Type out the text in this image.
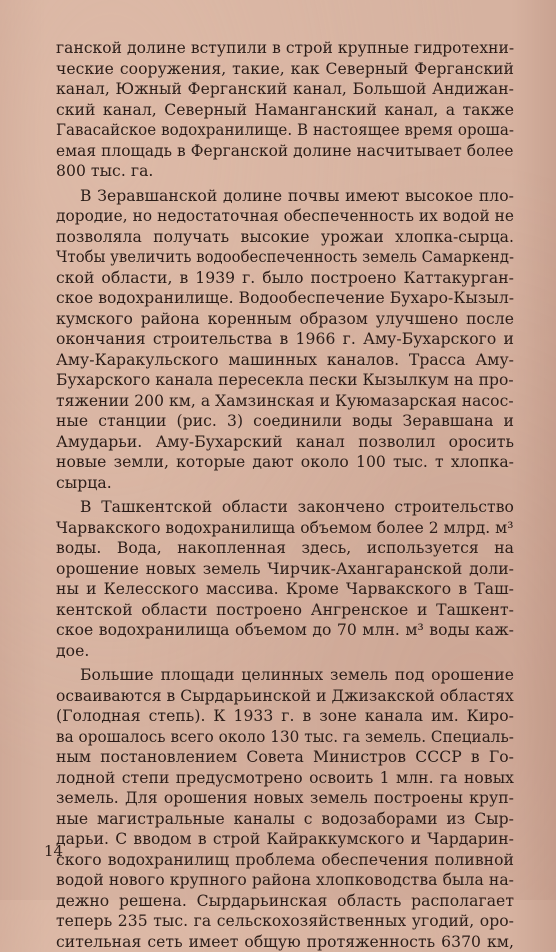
ганской долине вступили в строй крупные гидротехни-
ческие сооружения, такие, как Северный Ферганский
канал, Южный Ферганский канал, Большой Андижан-
ский канал, Северный Наманганский канал, а также
Гавасайское водохранилище. В настоящее время ороша-
емая площадь в Ферганской долине насчитывает более
800 тыс. га.
В Зеравшанской долине почвы имеют высокое пло-
дородие, но недостаточная обеспеченность их водой не
позволяла получать высокие урожаи хлопка-сырца.
Чтобы увеличить водообеспеченность земель Самаркенд-
ской области, в 1939 г. было построено Каттакурган-
ское водохранилище. Водообеспечение Бухаро-Кызыл-
кумского района коренным образом улучшено после
окончания строительства в 1966 г. Аму-Бухарского и
Аму-Каракульского машинных каналов. Трасса Аму-
Бухарского канала пересекла пески Кызылкум на про-
тяжении 200 км, а Хамзинская и Куюмазарская насос-
ные станции (рис. 3) соединили воды Зеравшана и
Амударьи. Аму-Бухарский канал позволил оросить
новые земли, которые дают около 100 тыс. т хлопка-
сырца.
В Ташкентской области закончено строительство
Чарвакского водохранилища объемом более 2 млрд. м³
воды. Вода, накопленная здесь, используется на
орошение новых земель Чирчик-Ахангаранской доли-
ны и Келесского массива. Кроме Чарвакского в Таш-
кентской области построено Ангренское и Ташкент-
ское водохранилища объемом до 70 млн. м³ воды каж-
дое.
Большие площади целинных земель под орошение
осваиваются в Сырдарьинской и Джизакской областях
(Голодная степь). К 1933 г. в зоне канала им. Киро-
ва орошалось всего около 130 тыс. га земель. Специаль-
ным постановлением Совета Министров СССР в Го-
лодной степи предусмотрено освоить 1 млн. га новых
земель. Для орошения новых земель построены круп-
ные магистральные каналы с водозаборами из Сыр-
дарьи. С вводом в строй Кайраккумского и Чардарин-
ского водохранилищ проблема обеспечения поливной
водой нового крупного района хлопководства была на-
дежно решена. Сырдарьинская область располагает
теперь 235 тыс. га сельскохозяйственных угодий, оро-
сительная сеть имеет общую протяженность 6370 км,
14
